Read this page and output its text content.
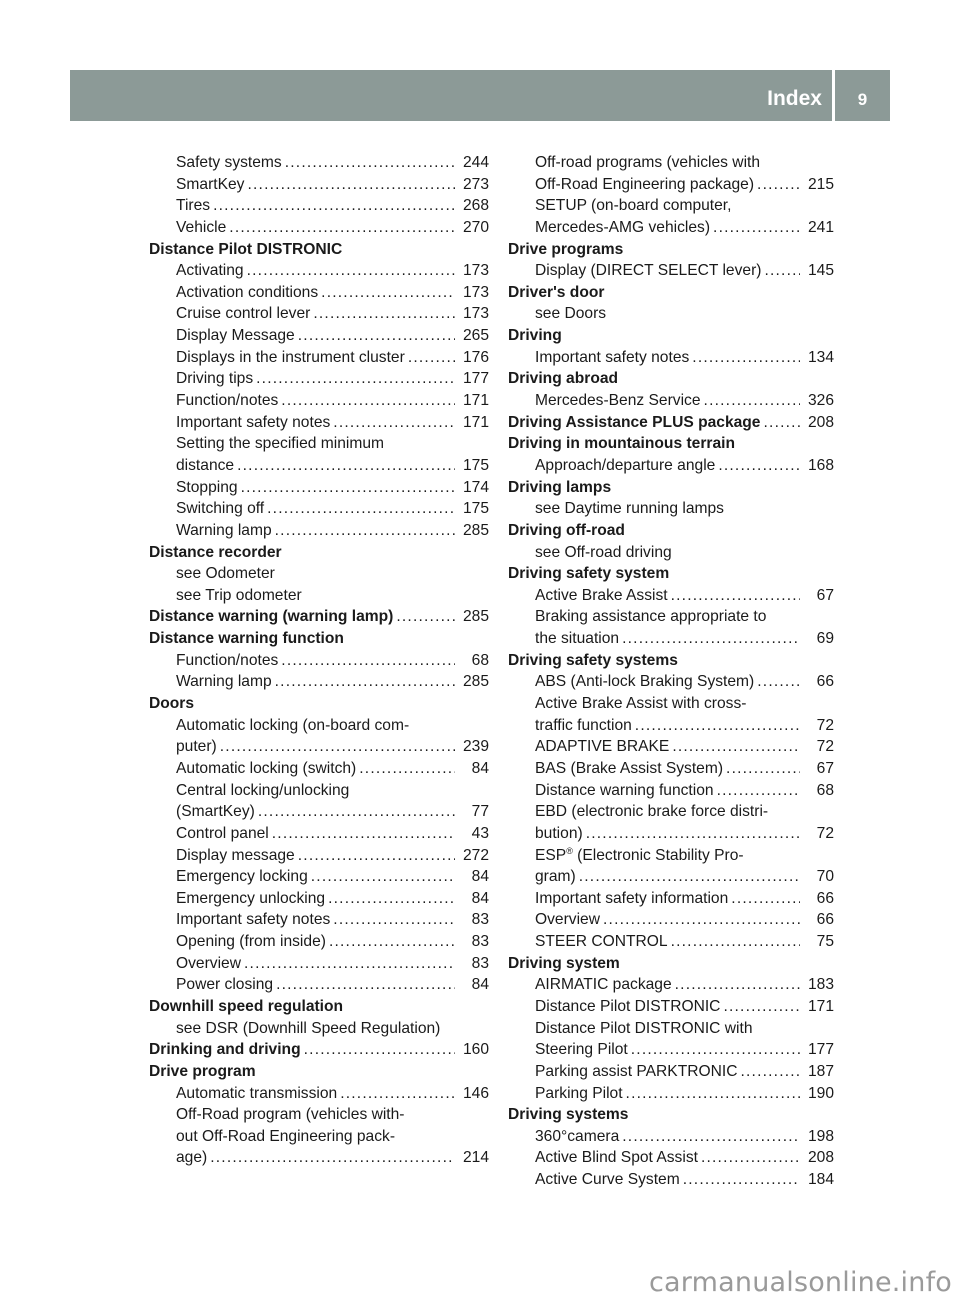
Index	9
Safety systems .....	244
SmartKey .....	273
Tires .....	268
Vehicle .....	270
Distance Pilot DISTRONIC
Activating .....	173
Activation conditions .....	173
Cruise control lever .....	173
Display Message .....	265
Displays in the instrument cluster .....	176
Driving tips .....	177
Function/notes .....	171
Important safety notes .....	171
Setting the specified minimum
distance .....	175
Stopping .....	174
Switching off .....	175
Warning lamp .....	285
Distance recorder
see Odometer
see Trip odometer
Distance warning (warning lamp) .....	285
Distance warning function
Function/notes .....	68
Warning lamp .....	285
Doors
Automatic locking (on-board com-
puter) .....	239
Automatic locking (switch) .....	84
Central locking/unlocking
(SmartKey) .....	77
Control panel .....	43
Display message .....	272
Emergency locking .....	84
Emergency unlocking .....	84
Important safety notes .....	83
Opening (from inside) .....	83
Overview .....	83
Power closing .....	84
Downhill speed regulation
see DSR (Downhill Speed Regulation)
Drinking and driving .....	160
Drive program
Automatic transmission .....	146
Off-Road program (vehicles with-
out Off-Road Engineering pack-
age) .....	214
Off-road programs (vehicles with
Off-Road Engineering package) .....	215
SETUP (on-board computer,
Mercedes-AMG vehicles) .....	241
Drive programs
Display (DIRECT SELECT lever) .....	145
Driver's door
see Doors
Driving
Important safety notes .....	134
Driving abroad
Mercedes-Benz Service .....	326
Driving Assistance PLUS package .....	208
Driving in mountainous terrain
Approach/departure angle .....	168
Driving lamps
see Daytime running lamps
Driving off-road
see Off-road driving
Driving safety system
Active Brake Assist .....	67
Braking assistance appropriate to
the situation .....	69
Driving safety systems
ABS (Anti-lock Braking System) .....	66
Active Brake Assist with cross-
traffic function .....	72
ADAPTIVE BRAKE .....	72
BAS (Brake Assist System) .....	67
Distance warning function .....	68
EBD (electronic brake force distri-
bution) .....	72
ESP® (Electronic Stability Pro-
gram) .....	70
Important safety information .....	66
Overview .....	66
STEER CONTROL .....	75
Driving system
AIRMATIC package .....	183
Distance Pilot DISTRONIC .....	171
Distance Pilot DISTRONIC with
Steering Pilot .....	177
Parking assist PARKTRONIC .....	187
Parking Pilot .....	190
Driving systems
360°camera .....	198
Active Blind Spot Assist .....	208
Active Curve System .....	184
carmanualsonline.info
